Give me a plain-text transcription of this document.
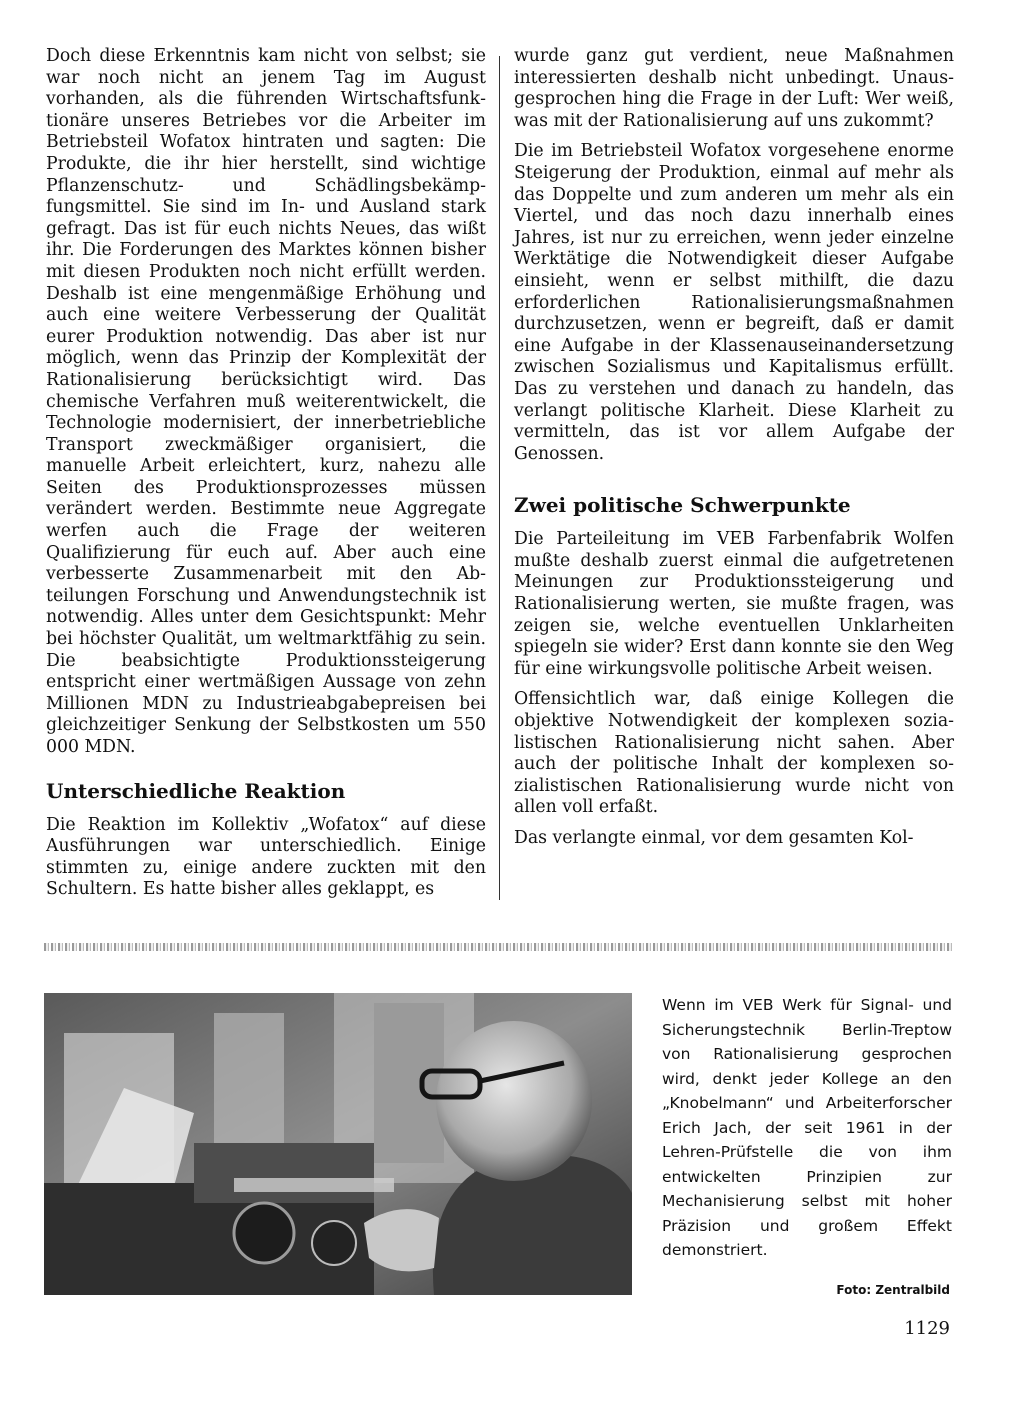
Doch diese Erkenntnis kam nicht von selbst; sie war noch nicht an jenem Tag im August vorhanden, als die führenden Wirtschaftsfunktionäre unseres Betriebes vor die Arbeiter im Betriebsteil Wofatox hintraten und sagten: Die Produkte, die ihr hier herstellt, sind wichtige Pflanzenschutz- und Schädlingsbekämpfungsmittel. Sie sind im In- und Ausland stark gefragt. Das ist für euch nichts Neues, das wißt ihr. Die Forderungen des Marktes können bisher mit diesen Produkten noch nicht erfüllt werden. Deshalb ist eine mengenmäßige Erhöhung und auch eine weitere Verbesserung der Qualität eurer Produktion notwendig. Das aber ist nur möglich, wenn das Prinzip der Komplexität der Rationalisierung berücksichtigt wird. Das chemische Verfahren muß weiterentwickelt, die Technologie modernisiert, der innerbetriebliche Transport zweckmäßiger organisiert, die manuelle Arbeit erleichtert, kurz, nahezu alle Seiten des Produktionsprozesses müssen verändert werden. Bestimmte neue Aggregate werfen auch die Frage der weiteren Qualifizierung für euch auf. Aber auch eine verbesserte Zusammenarbeit mit den Abteilungen Forschung und Anwendungstechnik ist notwendig. Alles unter dem Gesichtspunkt: Mehr bei höchster Qualität, um weltmarktfähig zu sein. Die beabsichtigte Produktionssteigerung entspricht einer wertmäßigen Aussage von zehn Millionen MDN zu Industrieabgabepreisen bei gleichzeitiger Senkung der Selbstkosten um 550 000 MDN.

Unterschiedliche Reaktion

Die Reaktion im Kollektiv „Wofatox“ auf diese Ausführungen war unterschiedlich. Einige stimmten zu, einige andere zuckten mit den Schultern. Es hatte bisher alles geklappt, es

wurde ganz gut verdient, neue Maßnahmen interessierten deshalb nicht unbedingt. Unausgesprochen hing die Frage in der Luft: Wer weiß, was mit der Rationalisierung auf uns zukommt?

Die im Betriebsteil Wofatox vorgesehene enorme Steigerung der Produktion, einmal auf mehr als das Doppelte und zum anderen um mehr als ein Viertel, und das noch dazu innerhalb eines Jahres, ist nur zu erreichen, wenn jeder einzelne Werktätige die Notwendigkeit dieser Aufgabe einsieht, wenn er selbst mithilft, die dazu erforderlichen Rationalisierungsmaßnahmen durchzusetzen, wenn er begreift, daß er damit eine Aufgabe in der Klassenauseinandersetzung zwischen Sozialismus und Kapitalismus erfüllt. Das zu verstehen und danach zu handeln, das verlangt politische Klarheit. Diese Klarheit zu vermitteln, das ist vor allem Aufgabe der Genossen.

Zwei politische Schwerpunkte

Die Parteileitung im VEB Farbenfabrik Wolfen mußte deshalb zuerst einmal die aufgetretenen Meinungen zur Produktionssteigerung und Rationalisierung werten, sie mußte fragen, was zeigen sie, welche eventuellen Unklarheiten spiegeln sie wider? Erst dann konnte sie den Weg für eine wirkungsvolle politische Arbeit weisen.

Offensichtlich war, daß einige Kollegen die objektive Notwendigkeit der komplexen sozialistischen Rationalisierung nicht sahen. Aber auch der politische Inhalt der komplexen sozialistischen Rationalisierung wurde nicht von allen voll erfaßt.

Das verlangte einmal, vor dem gesamten Kol-

Wenn im VEB Werk für Signal- und Sicherungstechnik Berlin-Treptow von Rationalisierung gesprochen wird, denkt jeder Kollege an den „Knobelmann“ und Arbeiterforscher Erich Jach, der seit 1961 in der Lehren-Prüfstelle die von ihm entwickelten Prinzipien zur Mechanisierung selbst mit hoher Präzision und großem Effekt demonstriert.
Foto: Zentralbild
1129
